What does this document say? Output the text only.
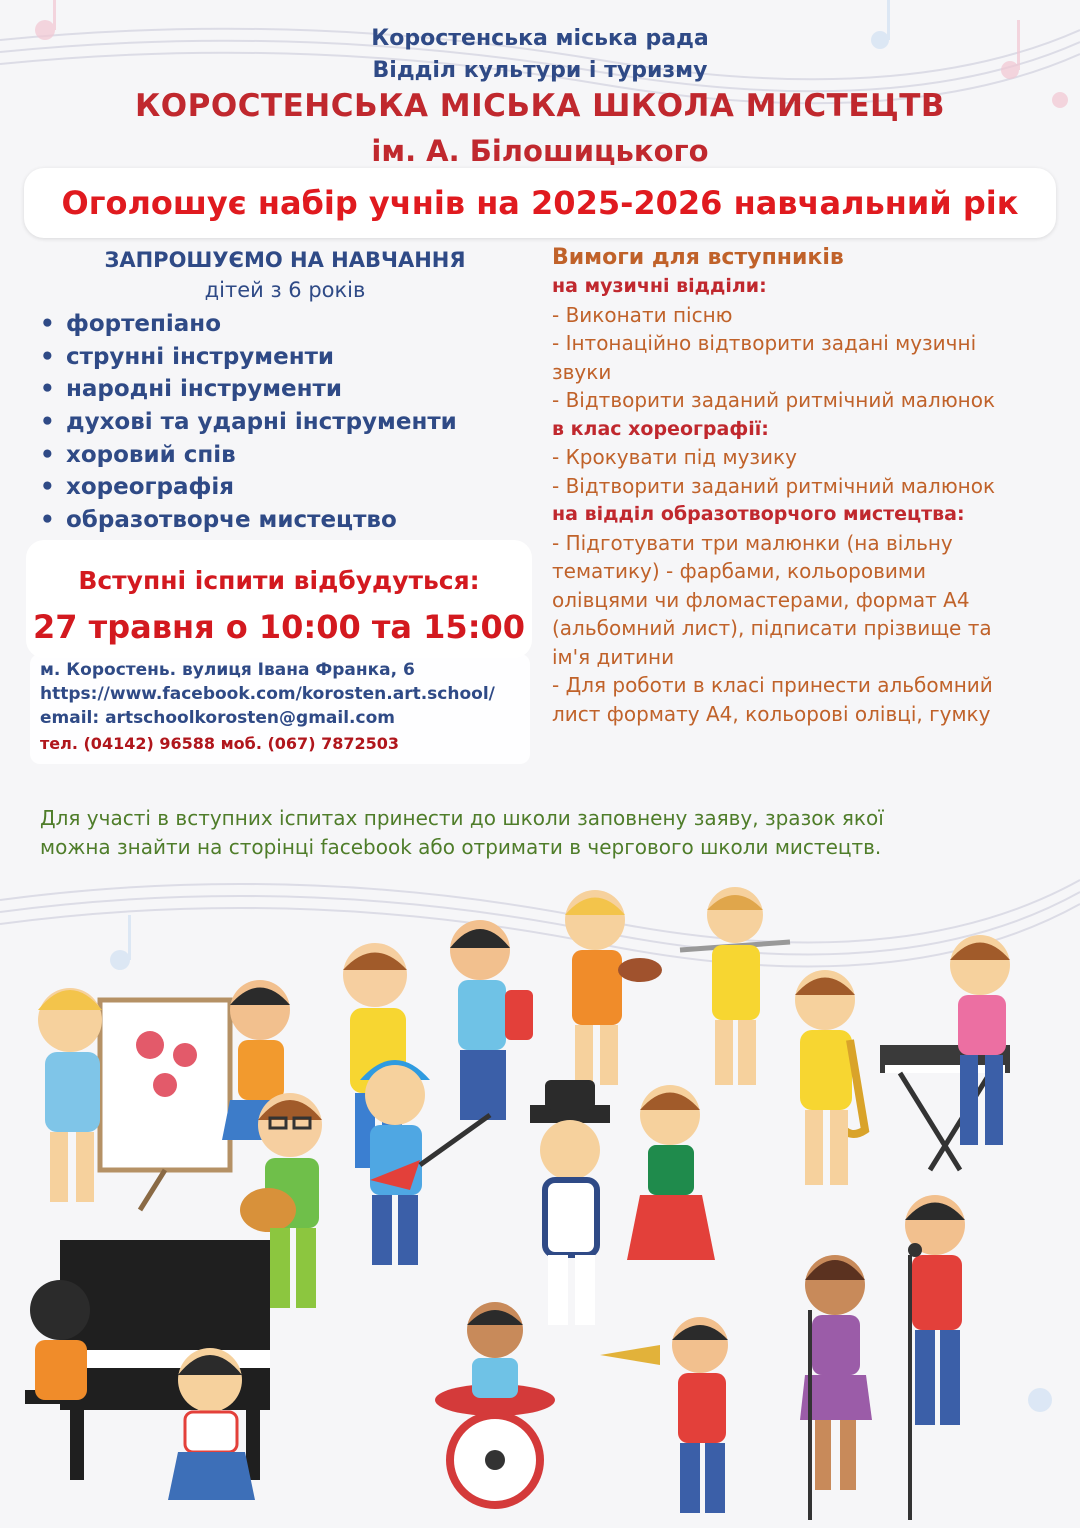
Коростенська міська рада
Відділ культури і туризму
КОРОСТЕНСЬКА МІСЬКА ШКОЛА МИСТЕЦТВ
ім. А. Білошицького
Оголошує набір учнів на 2025-2026 навчальний рік
ЗАПРОШУЄМО НА НАВЧАННЯ
дітей з 6 років
• фортепіано
• струнні інструменти
• народні інструменти
• духові та ударні інструменти
• хоровий спів
• хореографія
• образотворче мистецтво
Вступні іспити відбудуться:
27 травня о 10:00 та 15:00
м. Коростень. вулиця Івана Франка, 6
https://www.facebook.com/korosten.art.school/
email: artschoolkorosten@gmail.com
тел. (04142) 96588 моб. (067) 7872503
Вимоги для вступників
на музичні відділи:
- Виконати пісню
- Інтонаційно відтворити задані музичні
звуки
- Відтворити заданий ритмічний малюнок
в клас хореографії:
- Крокувати під музику
- Відтворити заданий ритмічний малюнок
на відділ образотворчого мистецтва:
- Підготувати три малюнки (на вільну
тематику) - фарбами, кольоровими
олівцями чи фломастерами, формат А4
(альбомний лист), підписати прізвище та
ім'я дитини
- Для роботи в класі принести альбомний
лист формату А4, кольорові олівці, гумку
Для участі в вступних іспитах принести до школи заповнену заяву, зразок якої
можна знайти на сторінці facebook або отримати в чергового школи мистецтв.
